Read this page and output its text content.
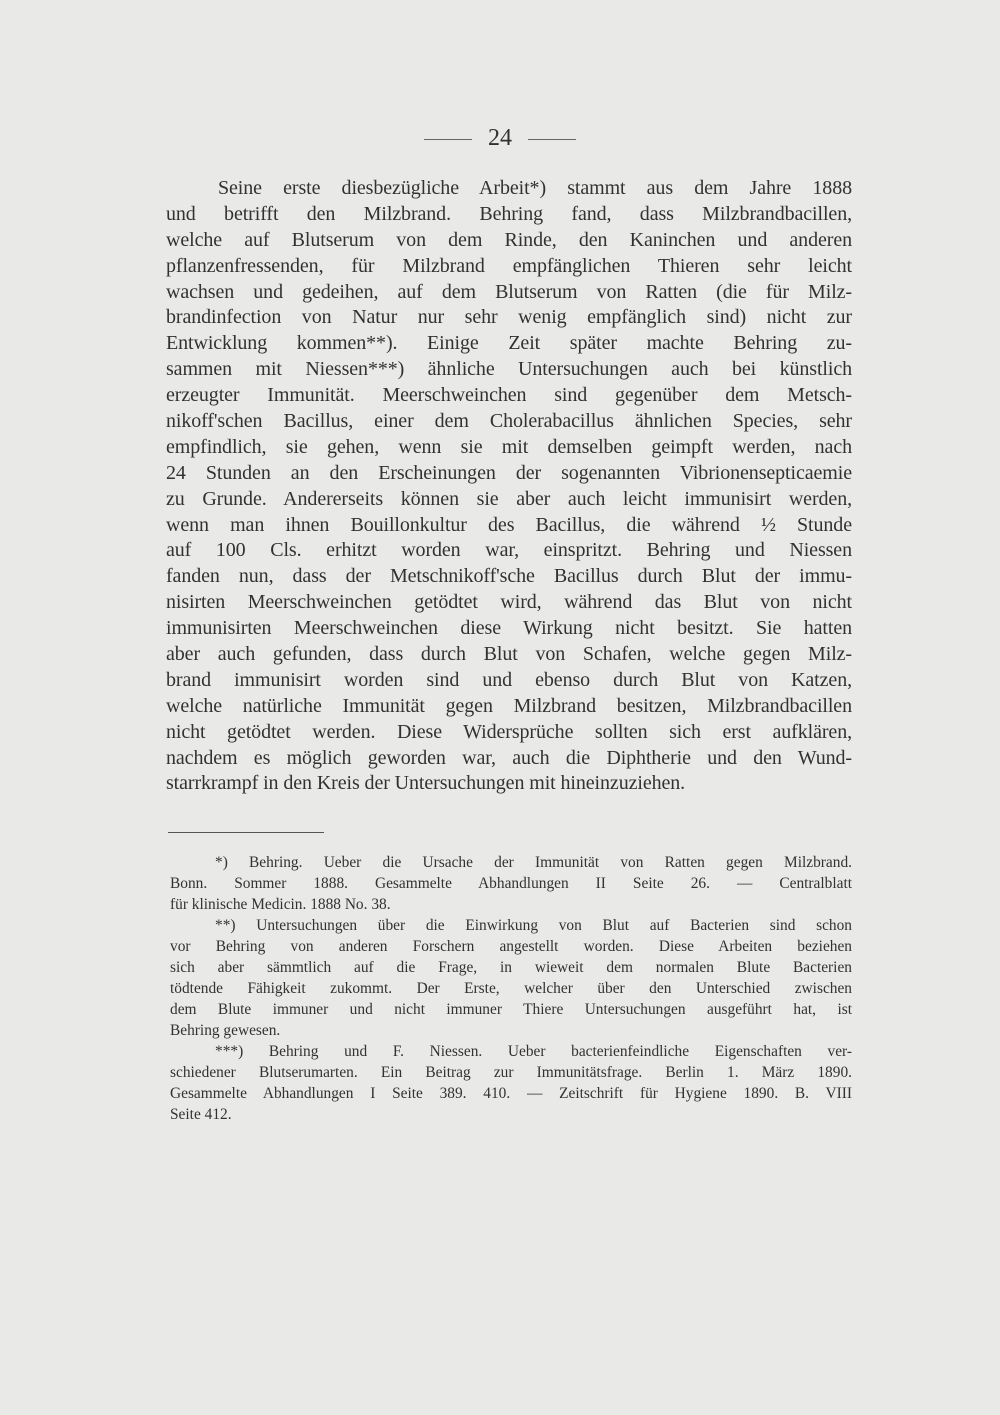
24
Seine erste diesbezügliche Arbeit*) stammt aus dem Jahre 1888
und betrifft den Milzbrand. Behring fand, dass Milzbrandbacillen,
welche auf Blutserum von dem Rinde, den Kaninchen und anderen
pflanzenfressenden, für Milzbrand empfänglichen Thieren sehr leicht
wachsen und gedeihen, auf dem Blutserum von Ratten (die für Milz-
brandinfection von Natur nur sehr wenig empfänglich sind) nicht zur
Entwicklung kommen**). Einige Zeit später machte Behring zu-
sammen mit Niessen***) ähnliche Untersuchungen auch bei künstlich
erzeugter Immunität. Meerschweinchen sind gegenüber dem Metsch-
nikoff'schen Bacillus, einer dem Cholerabacillus ähnlichen Species, sehr
empfindlich, sie gehen, wenn sie mit demselben geimpft werden, nach
24 Stunden an den Erscheinungen der sogenannten Vibrionensepticaemie
zu Grunde. Andererseits können sie aber auch leicht immunisirt werden,
wenn man ihnen Bouillonkultur des Bacillus, die während ½ Stunde
auf 100 Cls. erhitzt worden war, einspritzt. Behring und Niessen
fanden nun, dass der Metschnikoff'sche Bacillus durch Blut der immu-
nisirten Meerschweinchen getödtet wird, während das Blut von nicht
immunisirten Meerschweinchen diese Wirkung nicht besitzt. Sie hatten
aber auch gefunden, dass durch Blut von Schafen, welche gegen Milz-
brand immunisirt worden sind und ebenso durch Blut von Katzen,
welche natürliche Immunität gegen Milzbrand besitzen, Milzbrandbacillen
nicht getödtet werden. Diese Widersprüche sollten sich erst aufklären,
nachdem es möglich geworden war, auch die Diphtherie und den Wund-
starrkrampf in den Kreis der Untersuchungen mit hineinzuziehen.
*) Behring. Ueber die Ursache der Immunität von Ratten gegen Milzbrand.
Bonn. Sommer 1888. Gesammelte Abhandlungen II Seite 26. — Centralblatt
für klinische Medicin. 1888 No. 38.
**) Untersuchungen über die Einwirkung von Blut auf Bacterien sind schon
vor Behring von anderen Forschern angestellt worden. Diese Arbeiten beziehen
sich aber sämmtlich auf die Frage, in wieweit dem normalen Blute Bacterien
tödtende Fähigkeit zukommt. Der Erste, welcher über den Unterschied zwischen
dem Blute immuner und nicht immuner Thiere Untersuchungen ausgeführt hat, ist
Behring gewesen.
***) Behring und F. Niessen. Ueber bacterienfeindliche Eigenschaften ver-
schiedener Blutserumarten. Ein Beitrag zur Immunitätsfrage. Berlin 1. März 1890.
Gesammelte Abhandlungen I Seite 389. 410. — Zeitschrift für Hygiene 1890. B. VIII
Seite 412.
